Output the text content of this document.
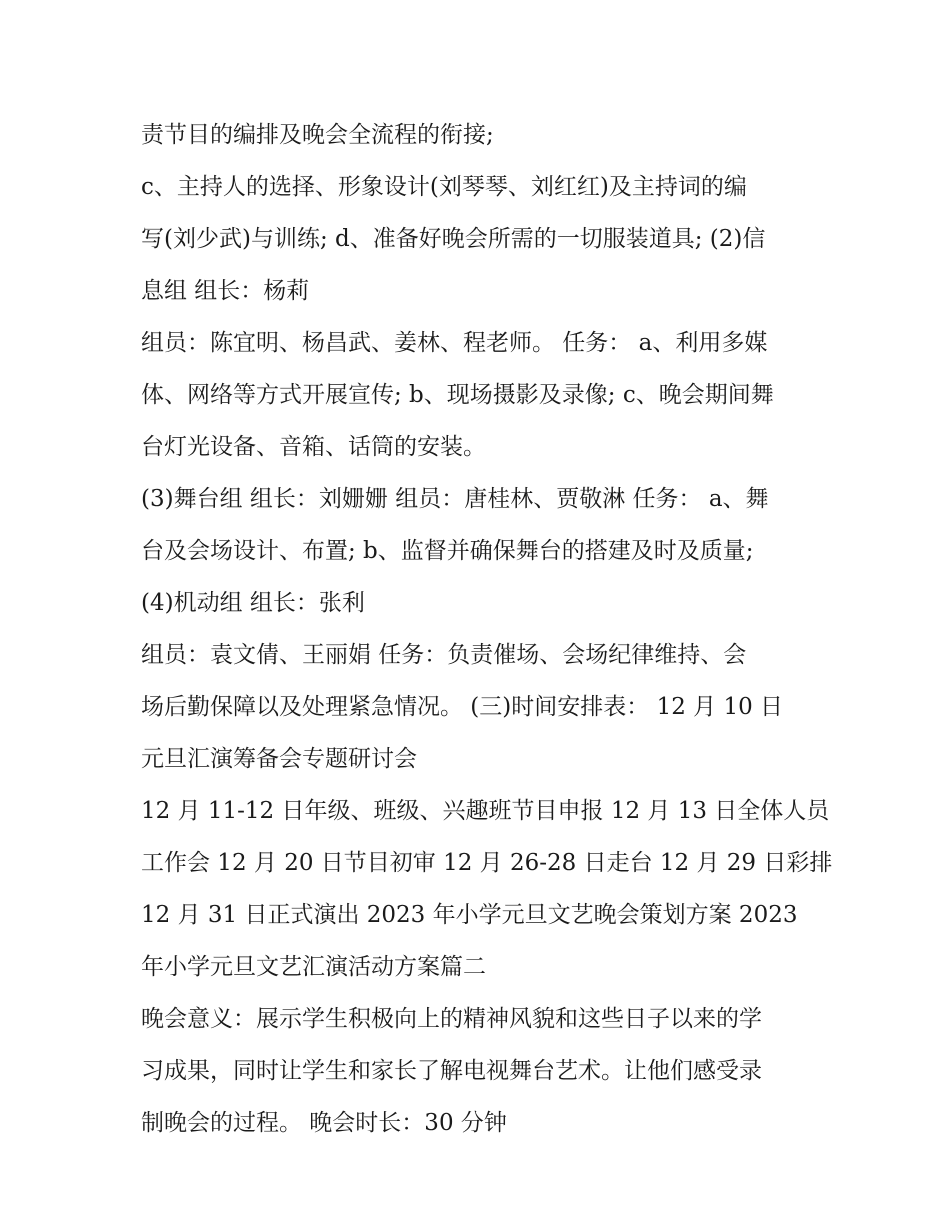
责节目的编排及晚会全流程的衔接;
c、主持人的选择、形象设计(刘琴琴、刘红红)及主持词的编
写(刘少武)与训练; d、准备好晚会所需的一切服装道具; (2)信
息组 组长：杨莉
组员：陈宜明、杨昌武、姜林、程老师。 任务： a、利用多媒
体、网络等方式开展宣传; b、现场摄影及录像; c、晚会期间舞
台灯光设备、音箱、话筒的安装。
(3)舞台组 组长：刘姗姗 组员：唐桂林、贾敬淋 任务： a、舞
台及会场设计、布置; b、监督并确保舞台的搭建及时及质量;
(4)机动组 组长：张利
组员：袁文倩、王丽娟 任务：负责催场、会场纪律维持、会
场后勤保障以及处理紧急情况。 (三)时间安排表： 12 月 10 日
元旦汇演筹备会专题研讨会
12 月 11-12 日年级、班级、兴趣班节目申报 12 月 13 日全体人员
工作会 12 月 20 日节目初审 12 月 26-28 日走台 12 月 29 日彩排
12 月 31 日正式演出 2023 年小学元旦文艺晚会策划方案 2023
年小学元旦文艺汇演活动方案篇二
晚会意义：展示学生积极向上的精神风貌和这些日子以来的学
习成果，同时让学生和家长了解电视舞台艺术。让他们感受录
制晚会的过程。 晚会时长：30 分钟
